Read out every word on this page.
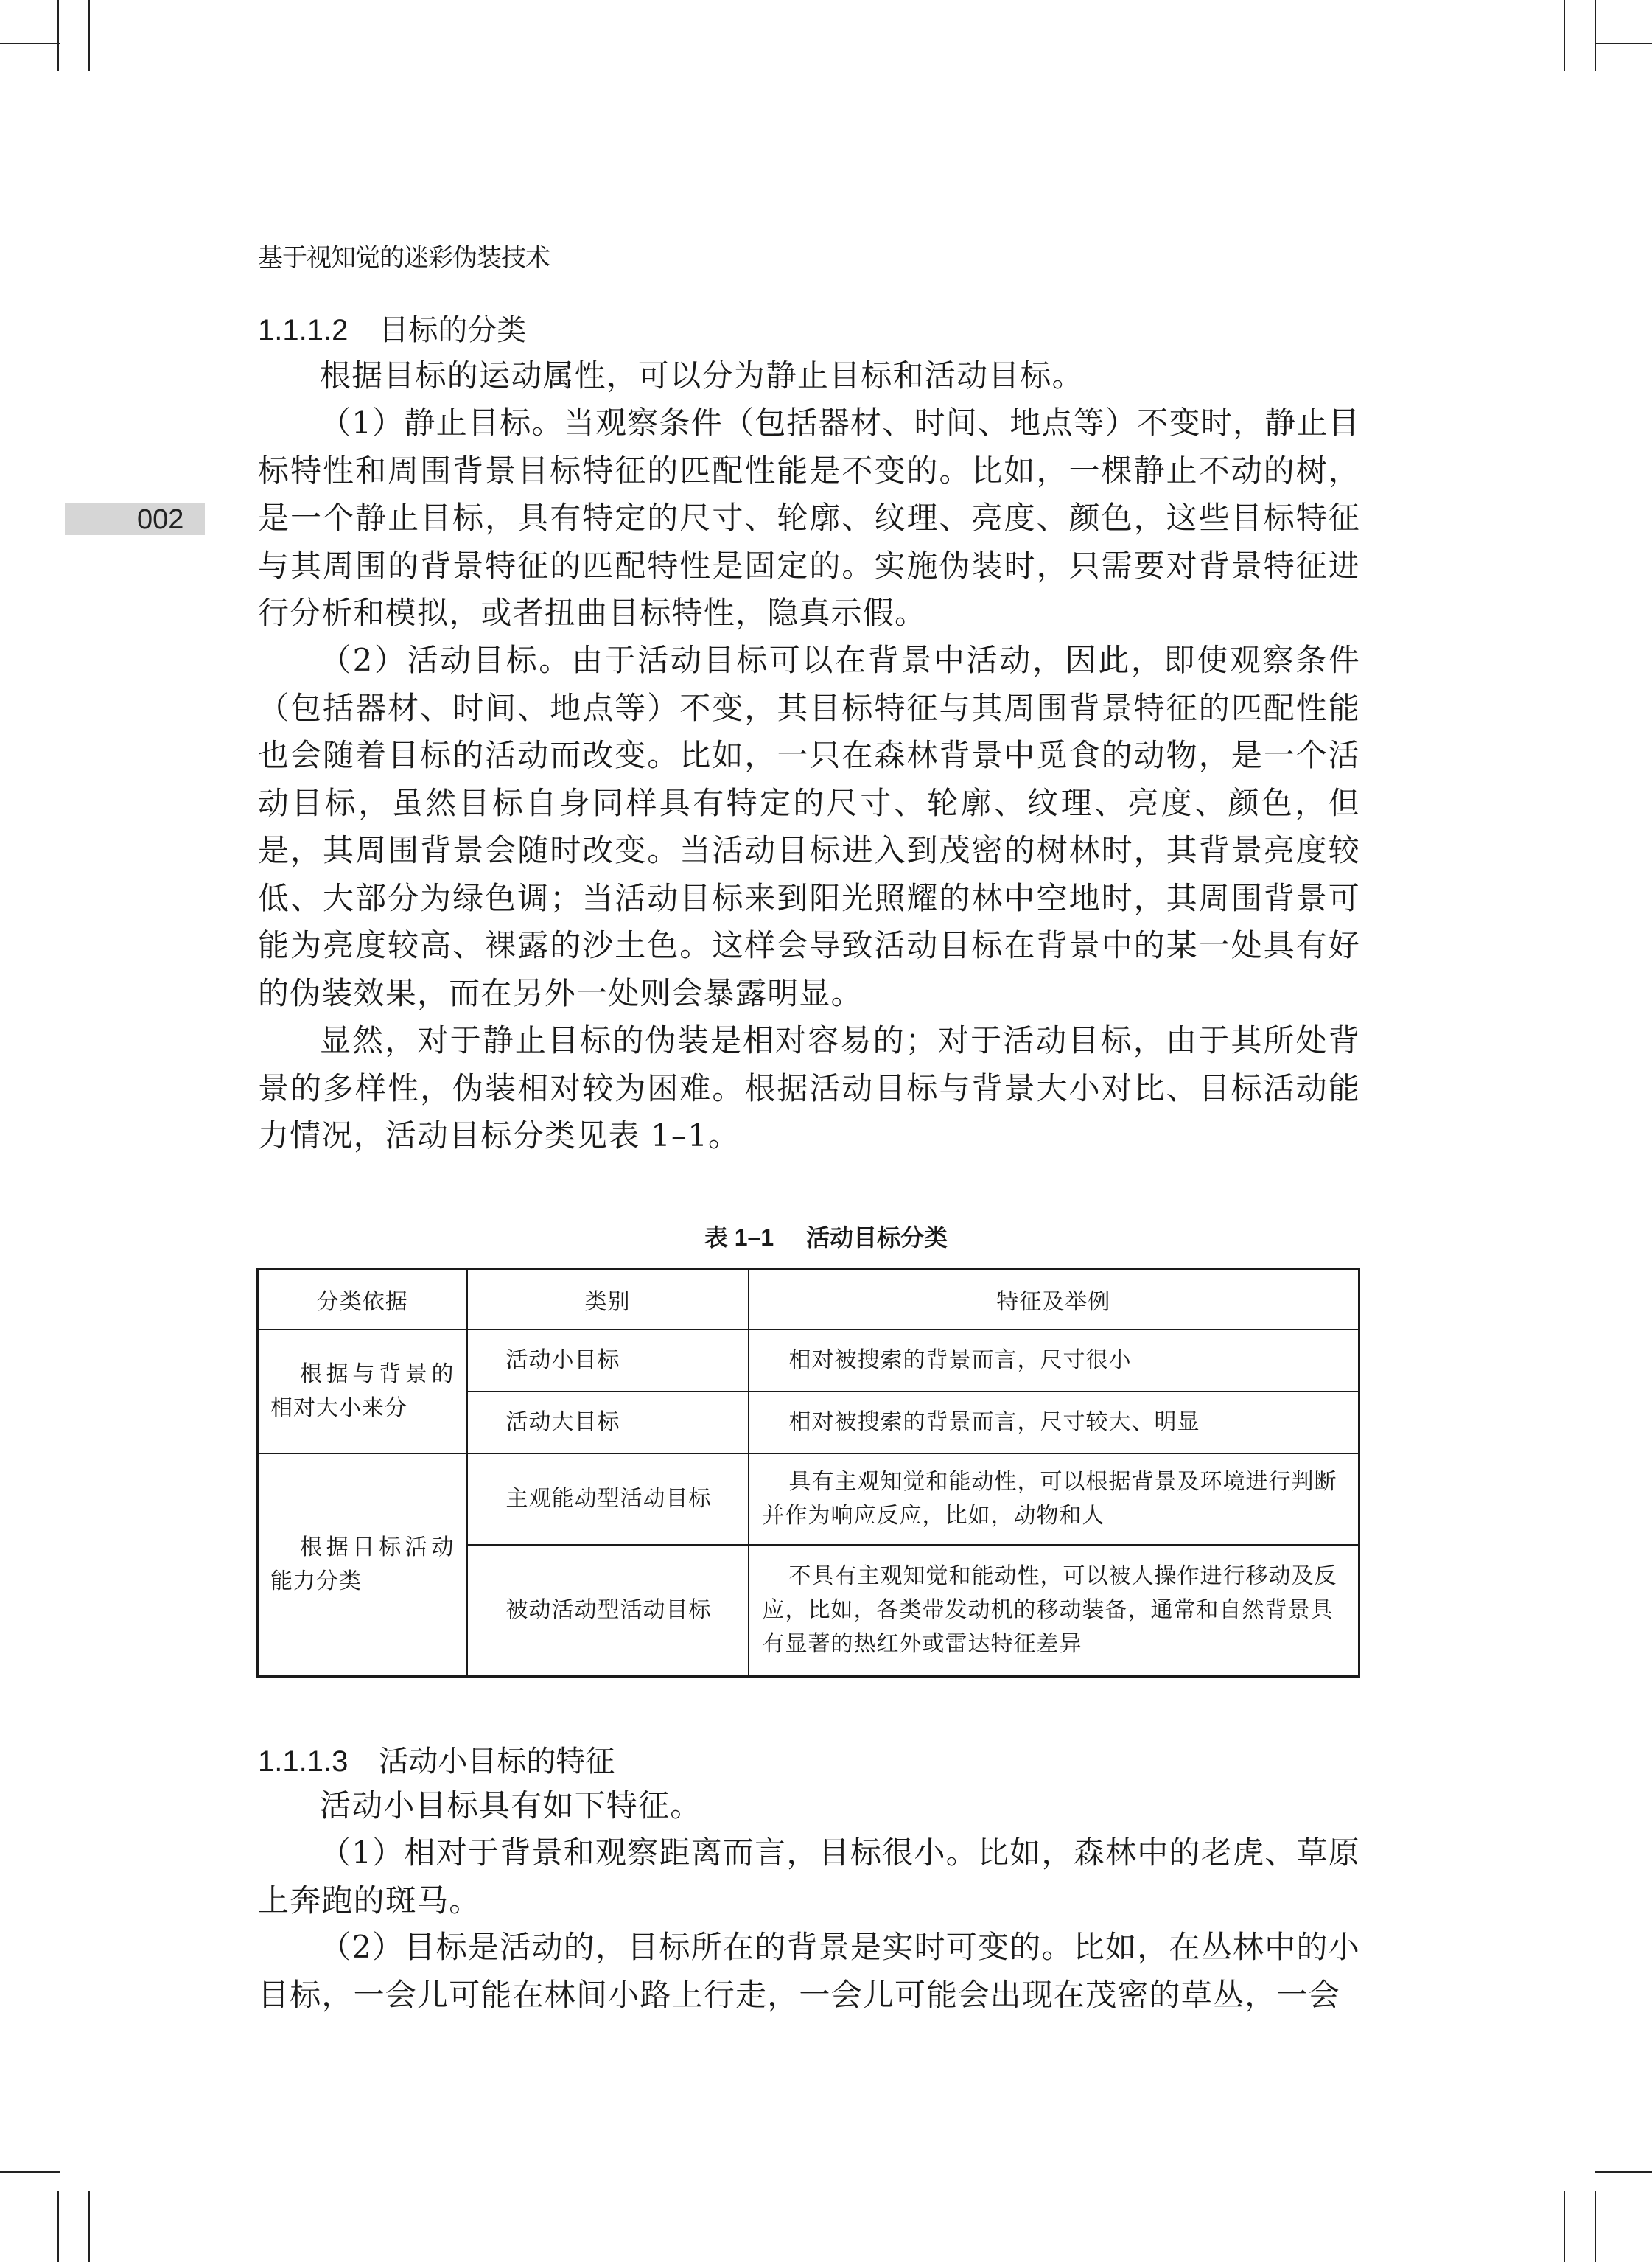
基于视知觉的迷彩伪装技术
002
1.1.1.2 目标的分类
根据目标的运动属性，可以分为静止目标和活动目标。
（1）静止目标。当观察条件（包括器材、时间、地点等）不变时，静止目标特性和周围背景目标特征的匹配性能是不变的。比如，一棵静止不动的树，是一个静止目标，具有特定的尺寸、轮廓、纹理、亮度、颜色，这些目标特征与其周围的背景特征的匹配特性是固定的。实施伪装时，只需要对背景特征进行分析和模拟，或者扭曲目标特性，隐真示假。
（2）活动目标。由于活动目标可以在背景中活动，因此，即使观察条件（包括器材、时间、地点等）不变，其目标特征与其周围背景特征的匹配性能也会随着目标的活动而改变。比如，一只在森林背景中觅食的动物，是一个活动目标，虽然目标自身同样具有特定的尺寸、轮廓、纹理、亮度、颜色，但是，其周围背景会随时改变。当活动目标进入到茂密的树林时，其背景亮度较低、大部分为绿色调；当活动目标来到阳光照耀的林中空地时，其周围背景可能为亮度较高、裸露的沙土色。这样会导致活动目标在背景中的某一处具有好的伪装效果，而在另外一处则会暴露明显。
显然，对于静止目标的伪装是相对容易的；对于活动目标，由于其所处背景的多样性，伪装相对较为困难。根据活动目标与背景大小对比、目标活动能力情况，活动目标分类见表 1–1。
表 1–1 活动目标分类
分类依据	类别	特征及举例
根据与背景的相对大小来分	活动小目标	相对被搜索的背景而言，尺寸很小
	活动大目标	相对被搜索的背景而言，尺寸较大、明显
根据目标活动能力分类	主观能动型活动目标	具有主观知觉和能动性，可以根据背景及环境进行判断并作为响应反应，比如，动物和人
	被动活动型活动目标	不具有主观知觉和能动性，可以被人操作进行移动及反应，比如，各类带发动机的移动装备，通常和自然背景具有显著的热红外或雷达特征差异
1.1.1.3 活动小目标的特征
活动小目标具有如下特征。
（1）相对于背景和观察距离而言，目标很小。比如，森林中的老虎、草原上奔跑的斑马。
（2）目标是活动的，目标所在的背景是实时可变的。比如，在丛林中的小目标，一会儿可能在林间小路上行走，一会儿可能会出现在茂密的草丛，一会
